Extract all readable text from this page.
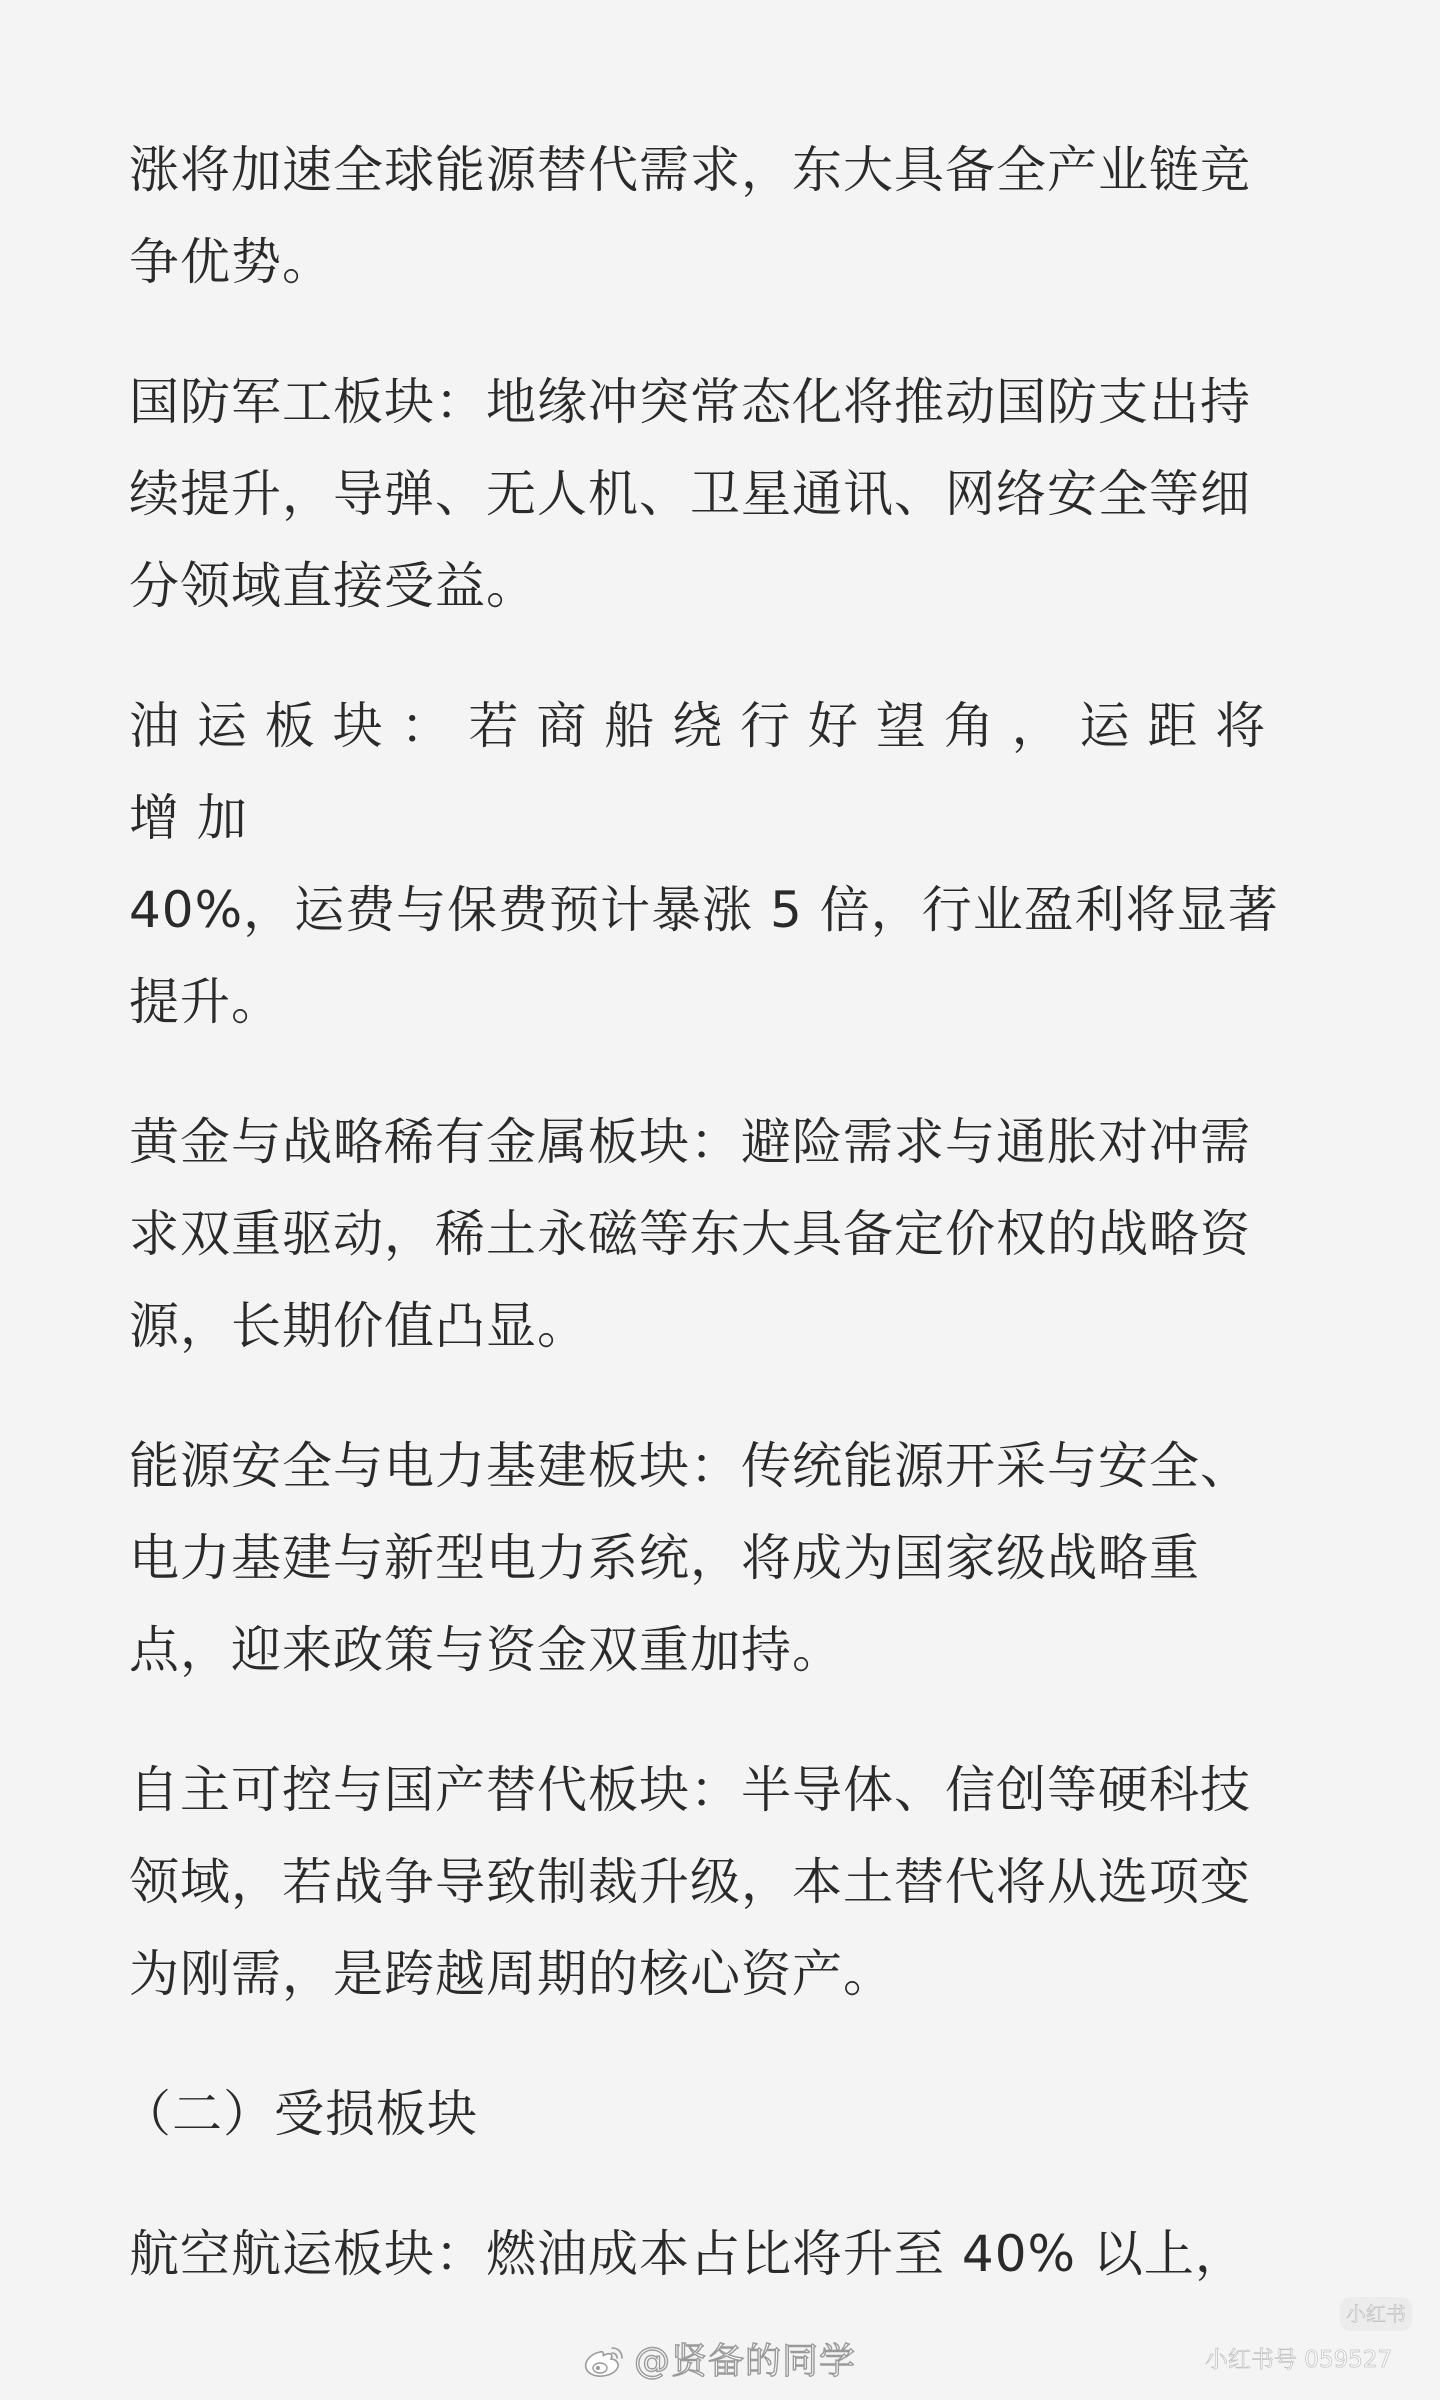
涨将加速全球能源替代需求，东大具备全产业链竞

争优势。

国防军工板块：地缘冲突常态化将推动国防支出持

续提升，导弹、无人机、卫星通讯、网络安全等细

分领域直接受益。

油 运 板 块 ： 若 商 船 绕 行 好 望 角 ， 运 距 将 增 加

40%，运费与保费预计暴涨 5 倍，行业盈利将显著

提升。

黄金与战略稀有金属板块：避险需求与通胀对冲需

求双重驱动，稀土永磁等东大具备定价权的战略资

源，长期价值凸显。

能源安全与电力基建板块：传统能源开采与安全、

电力基建与新型电力系统，将成为国家级战略重

点，迎来政策与资金双重加持。

自主可控与国产替代板块：半导体、信创等硬科技

领域，若战争导致制裁升级，本土替代将从选项变

为刚需，是跨越周期的核心资产。

（二）受损板块

航空航运板块：燃油成本占比将升至 40% 以上，

@贤备的同学
小红书
小红书号 059527
